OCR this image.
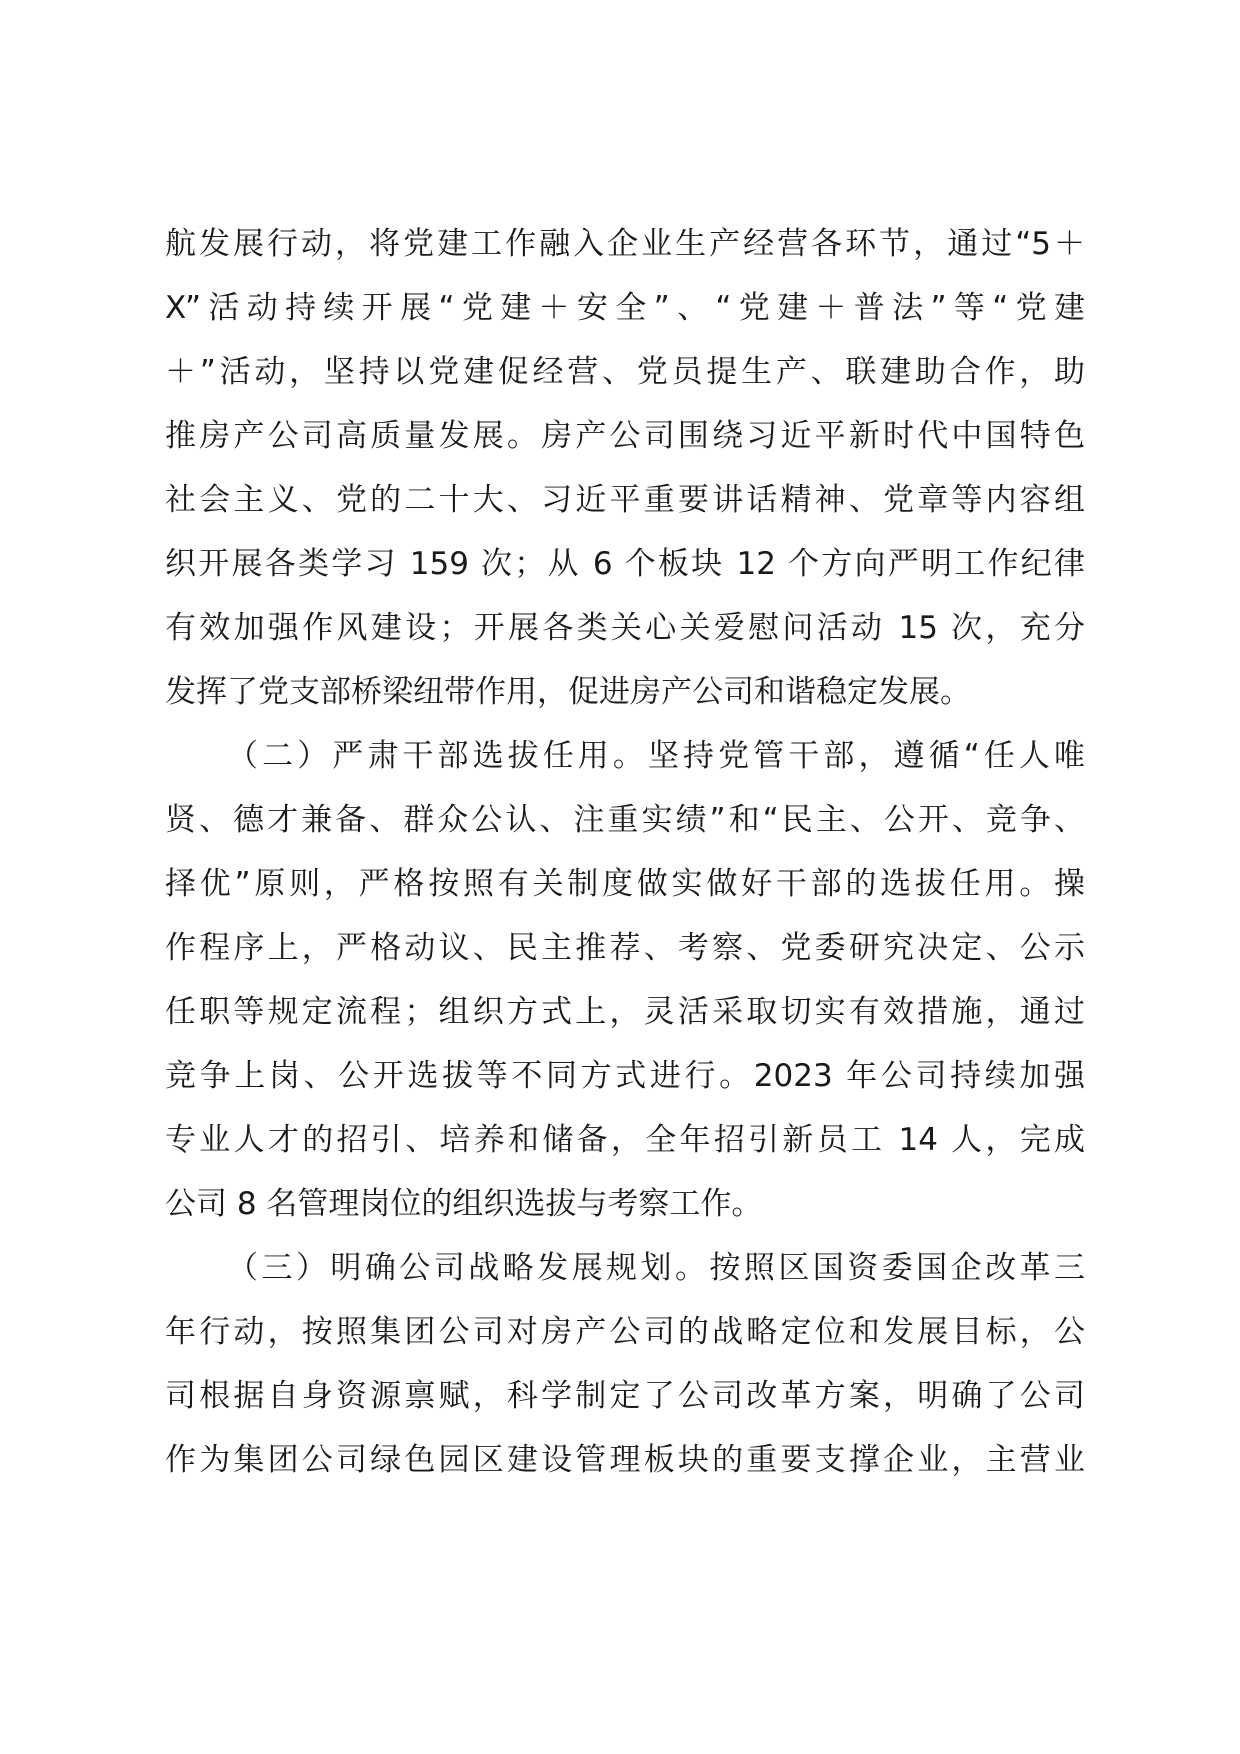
航发展行动，将党建工作融入企业生产经营各环节，通过“5＋
X”活动持续开展“党建＋安全”、“党建＋普法”等“党建
＋”活动，坚持以党建促经营、党员提生产、联建助合作，助
推房产公司高质量发展。房产公司围绕习近平新时代中国特色
社会主义、党的二十大、习近平重要讲话精神、党章等内容组
织开展各类学习 159 次；从 6 个板块 12 个方向严明工作纪律
有效加强作风建设；开展各类关心关爱慰问活动 15 次，充分
发挥了党支部桥梁纽带作用，促进房产公司和谐稳定发展。
（二）严肃干部选拔任用。坚持党管干部，遵循“任人唯
贤、德才兼备、群众公认、注重实绩”和“民主、公开、竞争、
择优”原则，严格按照有关制度做实做好干部的选拔任用。操
作程序上，严格动议、民主推荐、考察、党委研究决定、公示
任职等规定流程；组织方式上，灵活采取切实有效措施，通过
竞争上岗、公开选拔等不同方式进行。2023 年公司持续加强
专业人才的招引、培养和储备，全年招引新员工 14 人，完成
公司 8 名管理岗位的组织选拔与考察工作。
（三）明确公司战略发展规划。按照区国资委国企改革三
年行动，按照集团公司对房产公司的战略定位和发展目标，公
司根据自身资源禀赋，科学制定了公司改革方案，明确了公司
作为集团公司绿色园区建设管理板块的重要支撑企业，主营业
